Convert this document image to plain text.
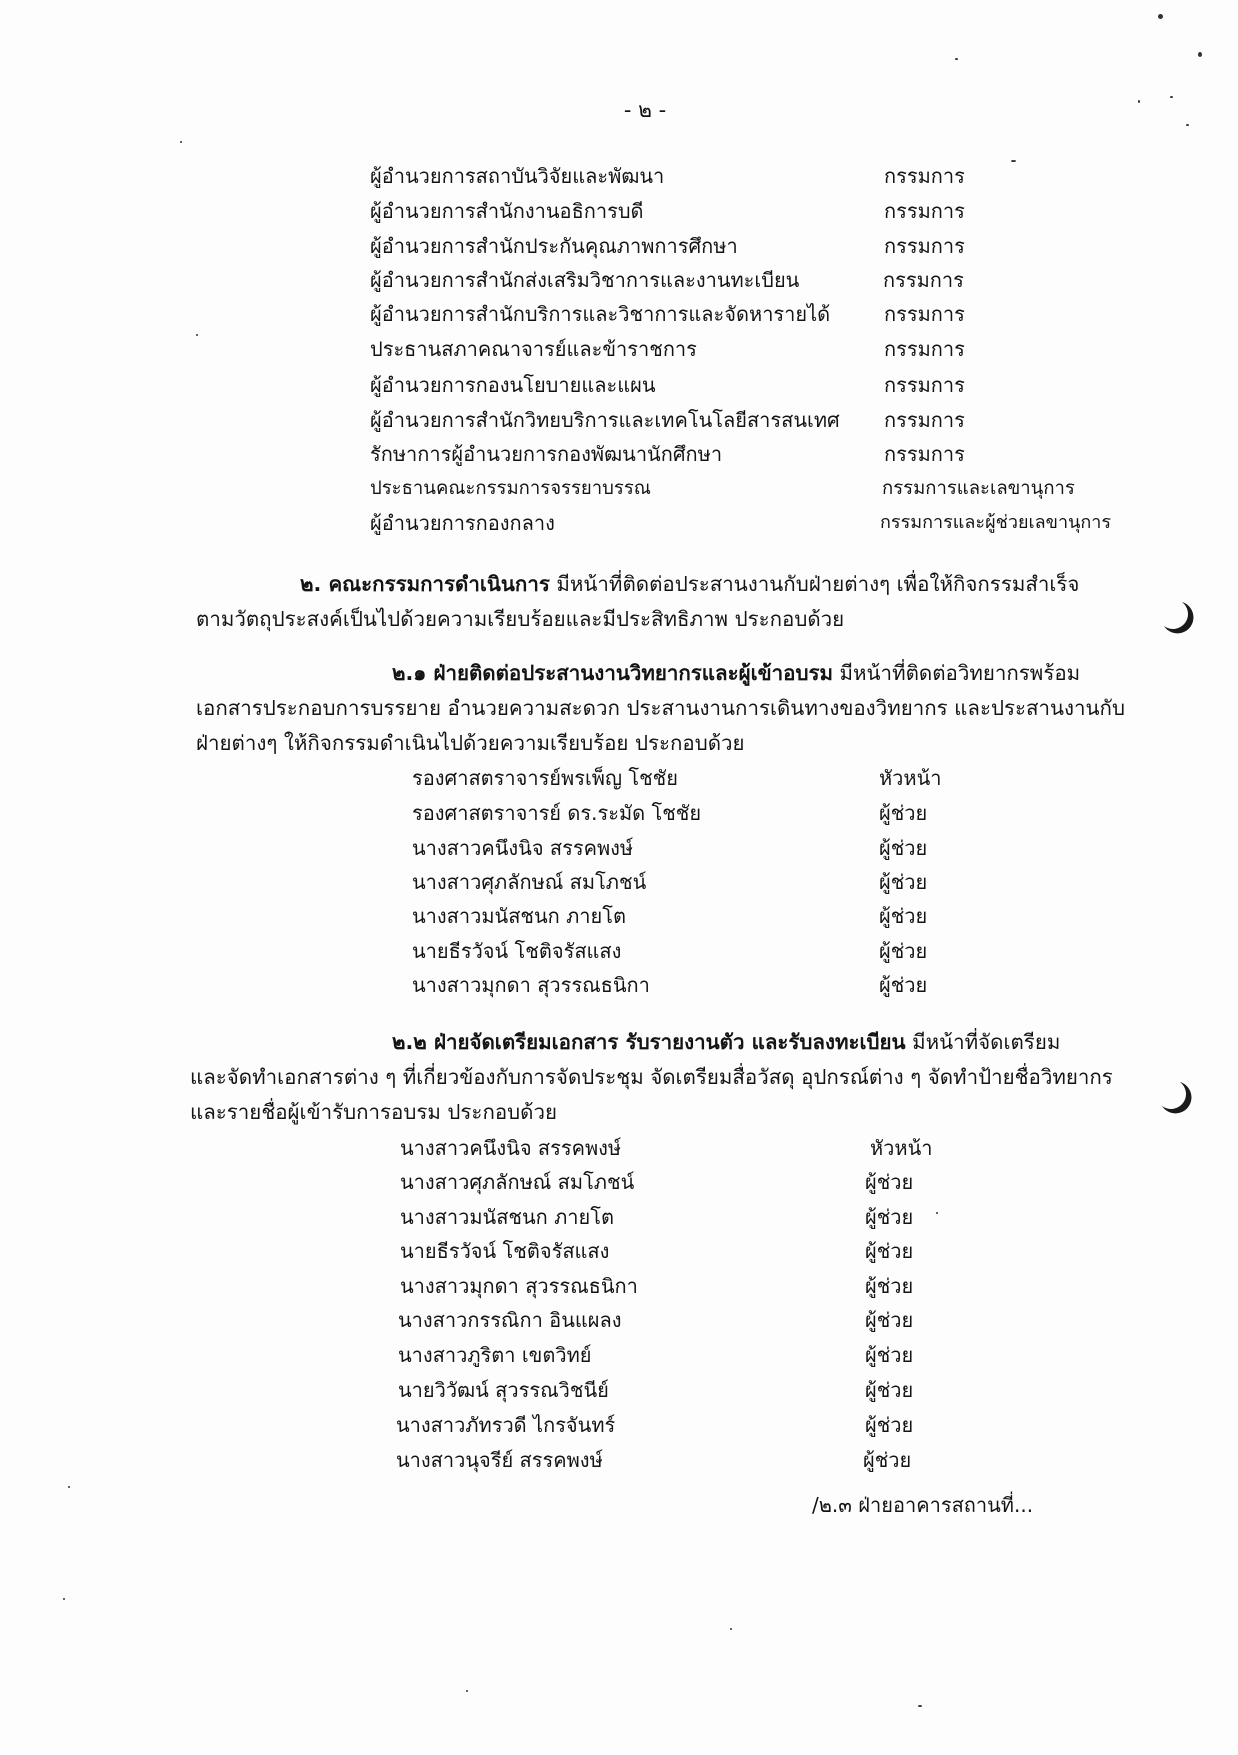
- ๒ -
ผู้อำนวยการสถาบันวิจัยและพัฒนา	กรรมการ
ผู้อำนวยการสำนักงานอธิการบดี	กรรมการ
ผู้อำนวยการสำนักประกันคุณภาพการศึกษา	กรรมการ
ผู้อำนวยการสำนักส่งเสริมวิชาการและงานทะเบียน	กรรมการ
ผู้อำนวยการสำนักบริการและวิชาการและจัดหารายได้	กรรมการ
ประธานสภาคณาจารย์และข้าราชการ	กรรมการ
ผู้อำนวยการกองนโยบายและแผน	กรรมการ
ผู้อำนวยการสำนักวิทยบริการและเทคโนโลยีสารสนเทศ กรรมการ
รักษาการผู้อำนวยการกองพัฒนานักศึกษา	กรรมการ
ประธานคณะกรรมการจรรยาบรรณ	กรรมการและเลขานุการ
ผู้อำนวยการกองกลาง	กรรมการและผู้ช่วยเลขานุการ
๒. คณะกรรมการดำเนินการ มีหน้าที่ติดต่อประสานงานกับฝ่ายต่างๆ เพื่อให้กิจกรรมสำเร็จ
ตามวัตถุประสงค์เป็นไปด้วยความเรียบร้อยและมีประสิทธิภาพ ประกอบด้วย
๒.๑ ฝ่ายติดต่อประสานงานวิทยากรและผู้เข้าอบรม มีหน้าที่ติดต่อวิทยากรพร้อม
เอกสารประกอบการบรรยาย อำนวยความสะดวก ประสานงานการเดินทางของวิทยากร และประสานงานกับ
ฝ่ายต่างๆ ให้กิจกรรมดำเนินไปด้วยความเรียบร้อย ประกอบด้วย
รองศาสตราจารย์พรเพ็ญ โชชัย	หัวหน้า
รองศาสตราจารย์ ดร.ระมัด โชชัย	ผู้ช่วย
นางสาวคนึงนิจ สรรคพงษ์	ผู้ช่วย
นางสาวศุภลักษณ์ สมโภชน์	ผู้ช่วย
นางสาวมนัสชนก ภายโต	ผู้ช่วย
นายธีรวัจน์ โชติจรัสแสง	ผู้ช่วย
นางสาวมุกดา สุวรรณธนิกา	ผู้ช่วย
๒.๒ ฝ่ายจัดเตรียมเอกสาร รับรายงานตัว และรับลงทะเบียน มีหน้าที่จัดเตรียม
และจัดทำเอกสารต่าง ๆ ที่เกี่ยวข้องกับการจัดประชุม จัดเตรียมสื่อวัสดุ อุปกรณ์ต่าง ๆ จัดทำป้ายชื่อวิทยากร
และรายชื่อผู้เข้ารับการอบรม ประกอบด้วย
นางสาวคนึงนิจ สรรคพงษ์	หัวหน้า
นางสาวศุภลักษณ์ สมโภชน์	ผู้ช่วย
นางสาวมนัสชนก ภายโต	ผู้ช่วย
นายธีรวัจน์ โชติจรัสแสง	ผู้ช่วย
นางสาวมุกดา สุวรรณธนิกา	ผู้ช่วย
นางสาวกรรณิกา อินแผลง	ผู้ช่วย
นางสาวภูริตา เขตวิทย์	ผู้ช่วย
นายวิวัฒน์ สุวรรณวิชนีย์	ผู้ช่วย
นางสาวภัทรวดี ไกรจันทร์	ผู้ช่วย
นางสาวนุจรีย์ สรรคพงษ์	ผู้ช่วย
/๒.๓ ฝ่ายอาคารสถานที่...
